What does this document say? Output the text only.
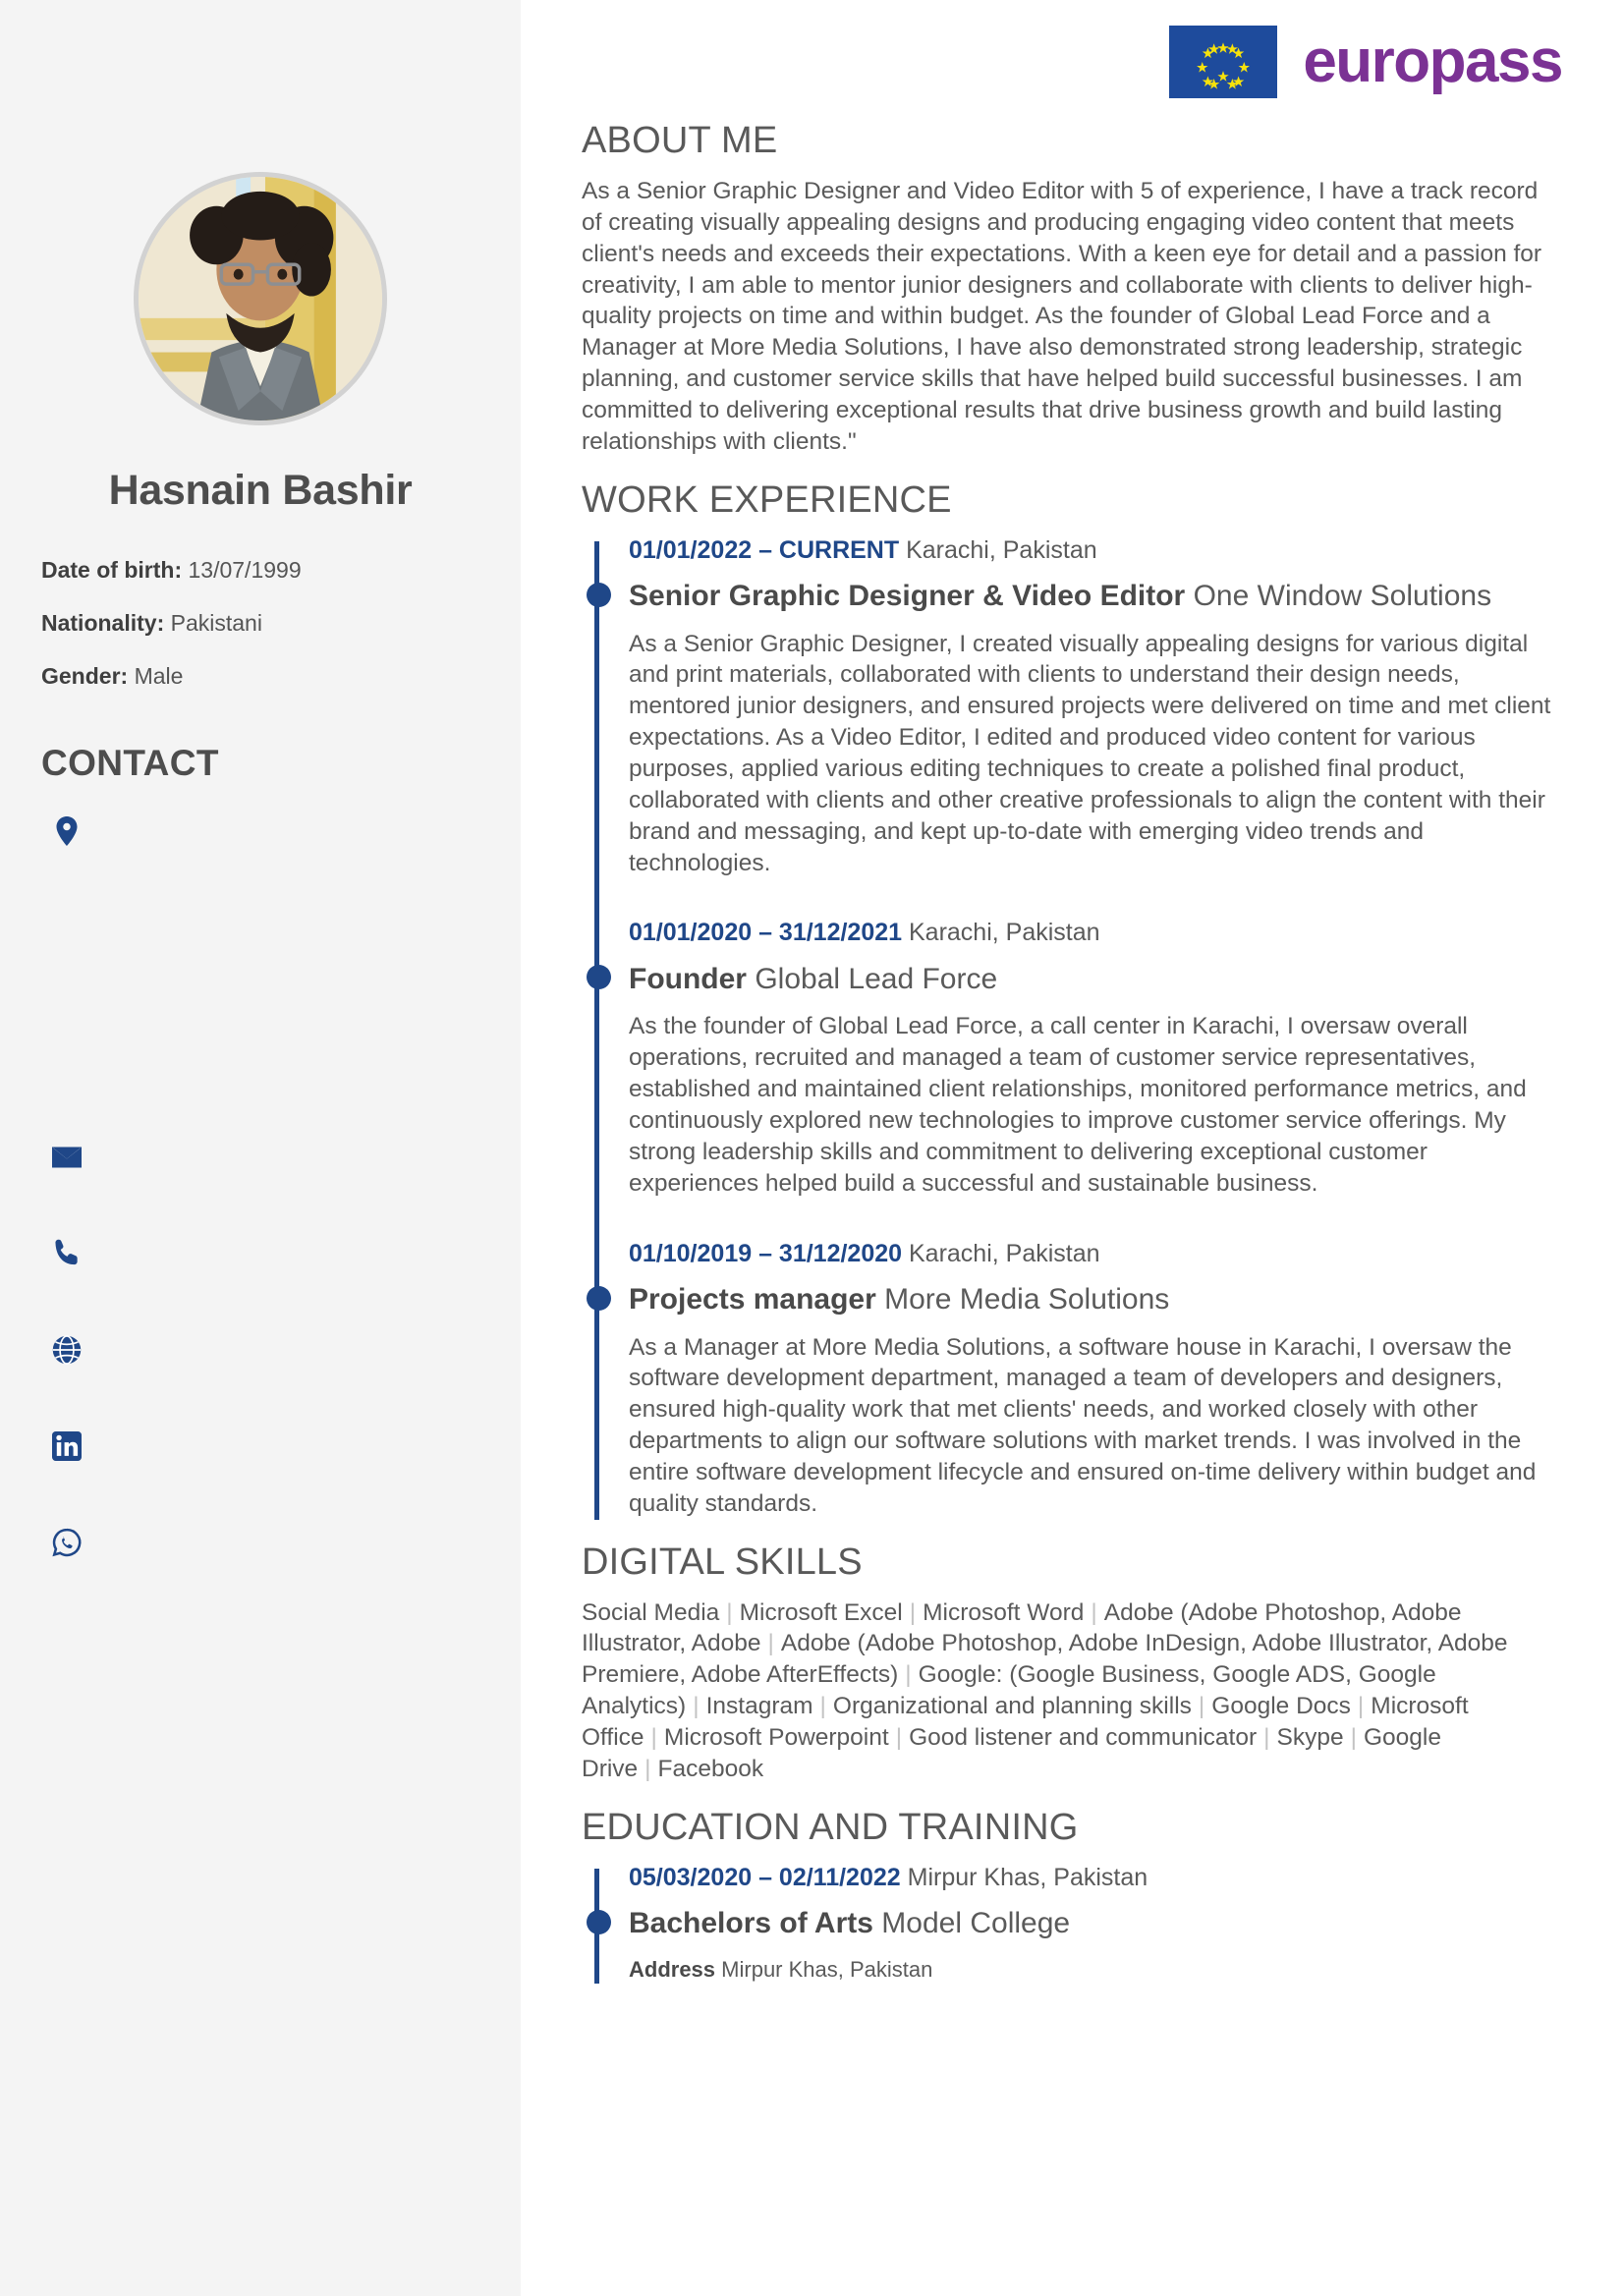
Hasnain Bashir
Date of birth: 13/07/1999
Nationality: Pakistani
Gender: Male
CONTACT
europass
ABOUT ME

As a Senior Graphic Designer and Video Editor with 5 of experience, I have a track record of creating visually appealing designs and producing engaging video content that meets client's needs and exceeds their expectations. With a keen eye for detail and a passion for creativity, I am able to mentor junior designers and collaborate with clients to deliver high-quality projects on time and within budget. As the founder of Global Lead Force and a Manager at More Media Solutions, I have also demonstrated strong leadership, strategic planning, and customer service skills that have helped build successful businesses. I am committed to delivering exceptional results that drive business growth and build lasting relationships with clients."

WORK EXPERIENCE
01/01/2022 – CURRENT Karachi, Pakistan
Senior Graphic Designer & Video Editor One Window Solutions

As a Senior Graphic Designer, I created visually appealing designs for various digital and print materials, collaborated with clients to understand their design needs, mentored junior designers, and ensured projects were delivered on time and met client expectations. As a Video Editor, I edited and produced video content for various purposes, applied various editing techniques to create a polished final product, collaborated with clients and other creative professionals to align the content with their brand and messaging, and kept up-to-date with emerging video trends and technologies.

01/01/2020 – 31/12/2021 Karachi, Pakistan
Founder Global Lead Force

As the founder of Global Lead Force, a call center in Karachi, I oversaw overall operations, recruited and managed a team of customer service representatives, established and maintained client relationships, monitored performance metrics, and continuously explored new technologies to improve customer service offerings. My strong leadership skills and commitment to delivering exceptional customer experiences helped build a successful and sustainable business.

01/10/2019 – 31/12/2020 Karachi, Pakistan
Projects manager More Media Solutions

As a Manager at More Media Solutions, a software house in Karachi, I oversaw the software development department, managed a team of developers and designers, ensured high-quality work that met clients' needs, and worked closely with other departments to align our software solutions with market trends. I was involved in the entire software development lifecycle and ensured on-time delivery within budget and quality standards.

DIGITAL SKILLS

Social Media | Microsoft Excel | Microsoft Word | Adobe (Adobe Photoshop, Adobe Illustrator, Adobe | Adobe (Adobe Photoshop, Adobe InDesign, Adobe Illustrator, Adobe Premiere, Adobe AfterEffects) | Google: (Google Business, Google ADS, Google Analytics) | Instagram | Organizational and planning skills | Google Docs | Microsoft Office | Microsoft Powerpoint | Good listener and communicator | Skype | Google Drive | Facebook

EDUCATION AND TRAINING
05/03/2020 – 02/11/2022 Mirpur Khas, Pakistan
Bachelors of Arts Model College
Address Mirpur Khas, Pakistan
